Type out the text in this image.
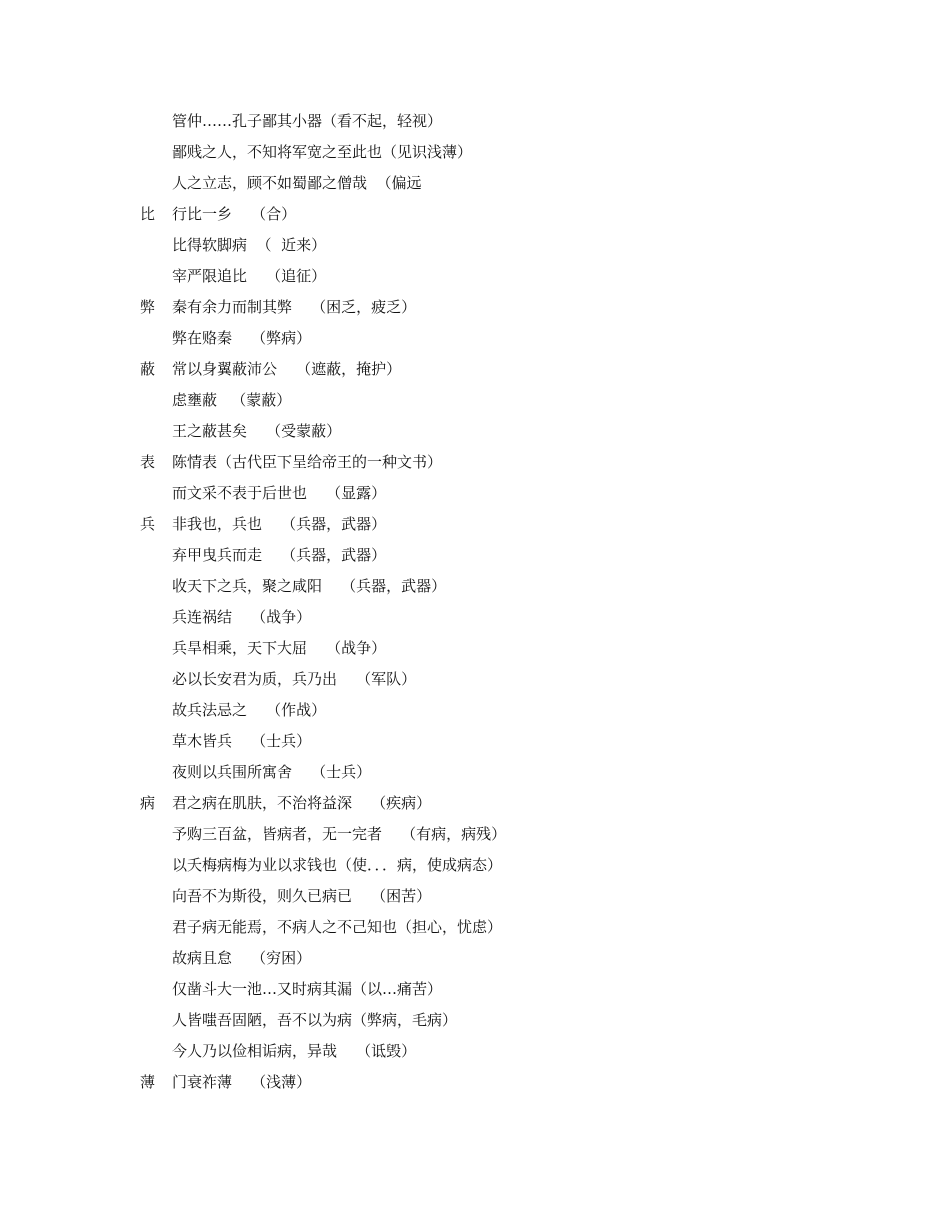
管仲……孔子鄙其小器（看不起，轻视）
鄙贱之人，不知将军宽之至此也（见识浅薄）
人之立志，顾不如蜀鄙之僧哉  （偏远
比	行比一乡    （合）
比得软脚病  （  近来）
宰严限追比    （追征）
弊	秦有余力而制其弊    （困乏，疲乏）
弊在赂秦    （弊病）
蔽	常以身翼蔽沛公    （遮蔽，掩护）
虑壅蔽   （蒙蔽）
王之蔽甚矣    （受蒙蔽）
表	陈情表（古代臣下呈给帝王的一种文书）
而文采不表于后世也    （显露）
兵	非我也，兵也    （兵器，武器）
弃甲曳兵而走    （兵器，武器）
收天下之兵，聚之咸阳    （兵器，武器）
兵连祸结    （战争）
兵旱相乘，天下大屈    （战争）
必以长安君为质，兵乃出    （军队）
故兵法忌之    （作战）
草木皆兵    （士兵）
夜则以兵围所寓舍    （士兵）
病	君之病在肌肤，不治将益深    （疾病）
予购三百盆，皆病者，无一完者    （有病，病残）
以夭梅病梅为业以求钱也（使．．．病，使成病态）
向吾不为斯役，则久已病已    （困苦）
君子病无能焉，不病人之不己知也（担心，忧虑）
故病且怠    （穷困）
仅凿斗大一池…又时病其漏（以…痛苦）
人皆嗤吾固陋，吾不以为病（弊病，毛病）
今人乃以俭相诟病，异哉    （诋毁）
薄	门衰祚薄    （浅薄）
